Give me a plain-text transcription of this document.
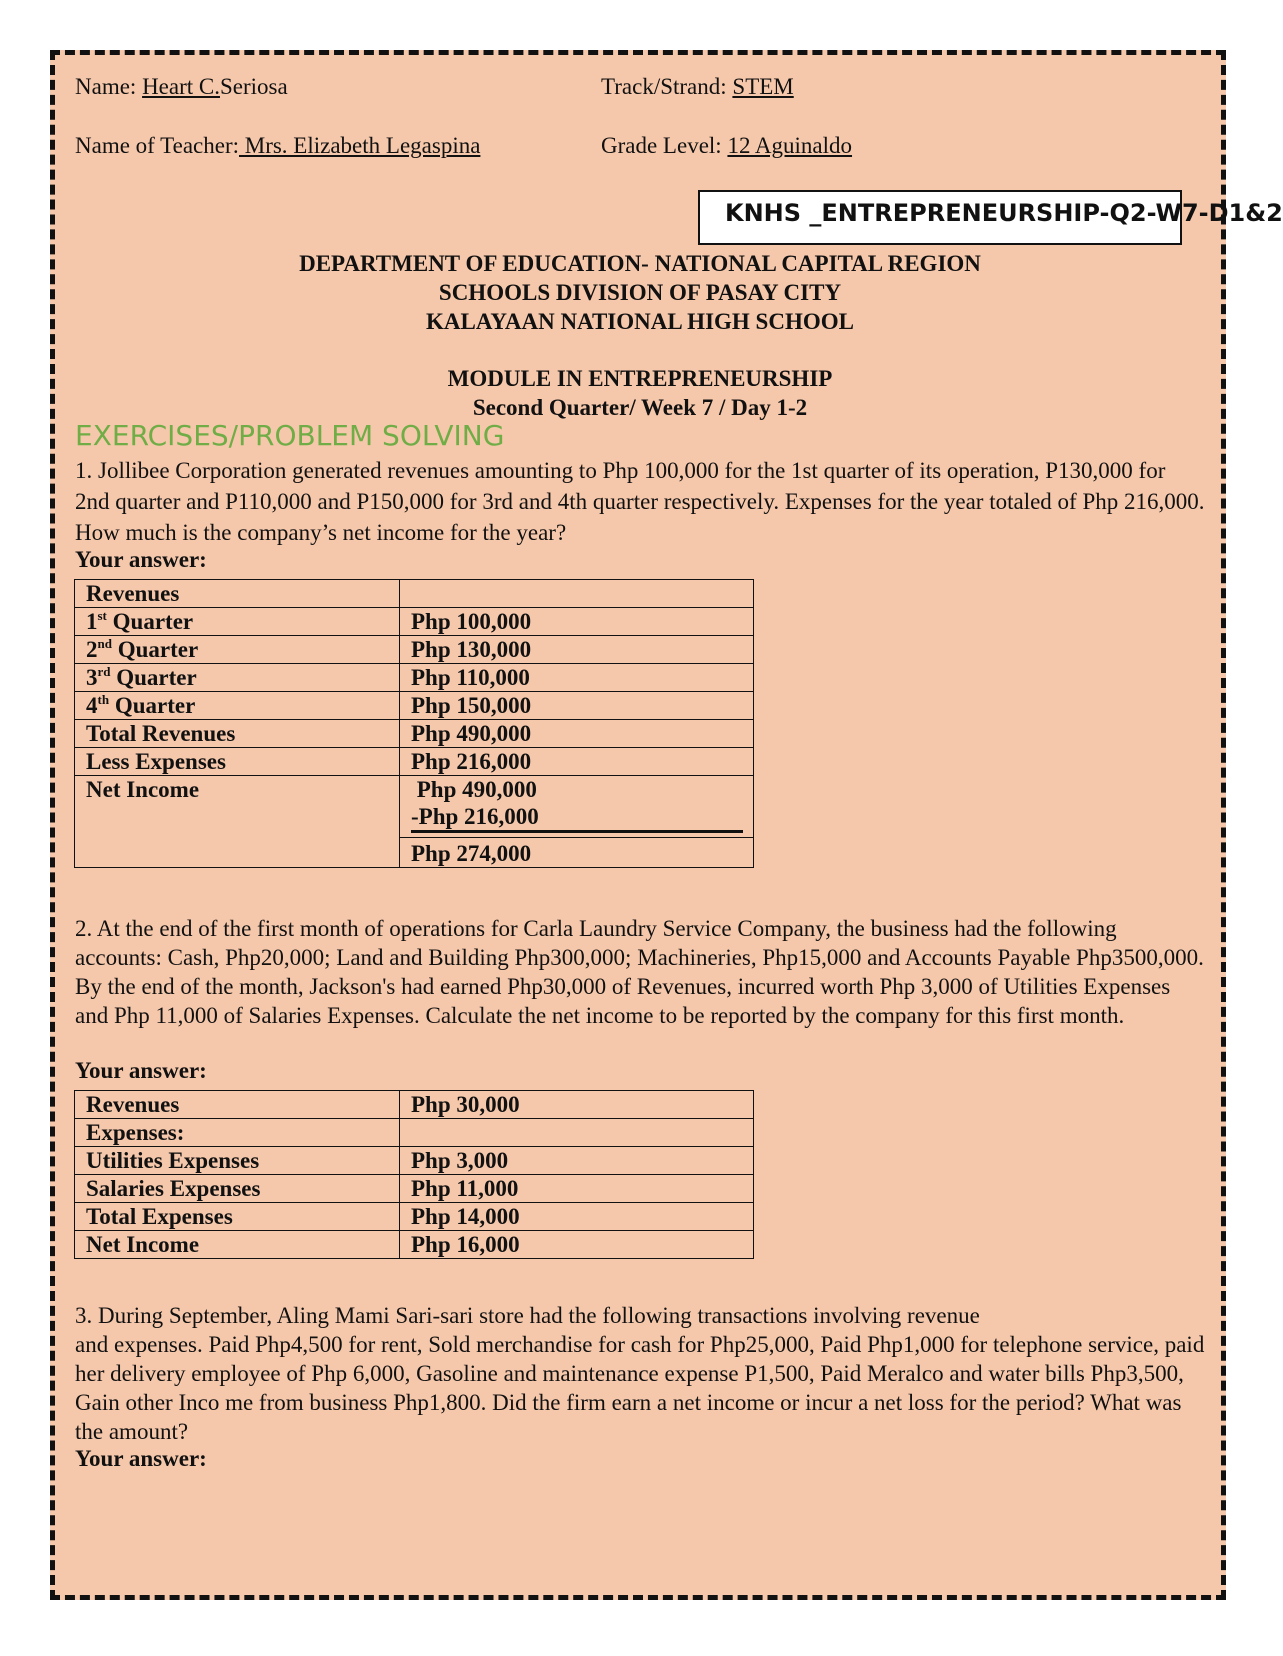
Name: Heart C.Seriosa	Track/Strand: STEM
Name of Teacher: Mrs. Elizabeth Legaspina	Grade Level: 12 Aguinaldo
KNHS _ENTREPRENEURSHIP-Q2-W7-D1&2
DEPARTMENT OF EDUCATION- NATIONAL CAPITAL REGION
SCHOOLS DIVISION OF PASAY CITY
KALAYAAN NATIONAL HIGH SCHOOL
MODULE IN ENTREPRENEURSHIP
Second Quarter/ Week 7 / Day 1-2
EXERCISES/PROBLEM SOLVING
1. Jollibee Corporation generated revenues amounting to Php 100,000 for the 1st quarter of its operation, P130,000 for 2nd quarter and P110,000 and P150,000 for 3rd and 4th quarter respectively. Expenses for the year totaled of Php 216,000. How much is the company’s net income for the year?
Your answer:
Revenues	
1st Quarter	Php 100,000
2nd Quarter	Php 130,000
3rd Quarter	Php 110,000
4th Quarter	Php 150,000
Total Revenues	Php 490,000
Less Expenses	Php 216,000
Net Income	Php 490,000
-Php 216,000

	Php 274,000
2. At the end of the first month of operations for Carla Laundry Service Company, the business had the following accounts: Cash, Php20,000; Land and Building Php300,000; Machineries, Php15,000 and Accounts Payable Php3500,000. By the end of the month, Jackson's had earned Php30,000 of Revenues, incurred worth Php 3,000 of Utilities Expenses and Php 11,000 of Salaries Expenses. Calculate the net income to be reported by the company for this first month.
Your answer:
Revenues	Php 30,000
Expenses:	
Utilities Expenses	Php 3,000
Salaries Expenses	Php 11,000
Total Expenses	Php 14,000
Net Income	Php 16,000
3. During September, Aling Mami Sari-sari store had the following transactions involving revenue
and expenses. Paid Php4,500 for rent, Sold merchandise for cash for Php25,000, Paid Php1,000 for telephone service, paid her delivery employee of Php 6,000, Gasoline and maintenance expense P1,500, Paid Meralco and water bills Php3,500, Gain other Inco me from business Php1,800. Did the firm earn a net income or incur a net loss for the period? What was the amount?
Your answer:
